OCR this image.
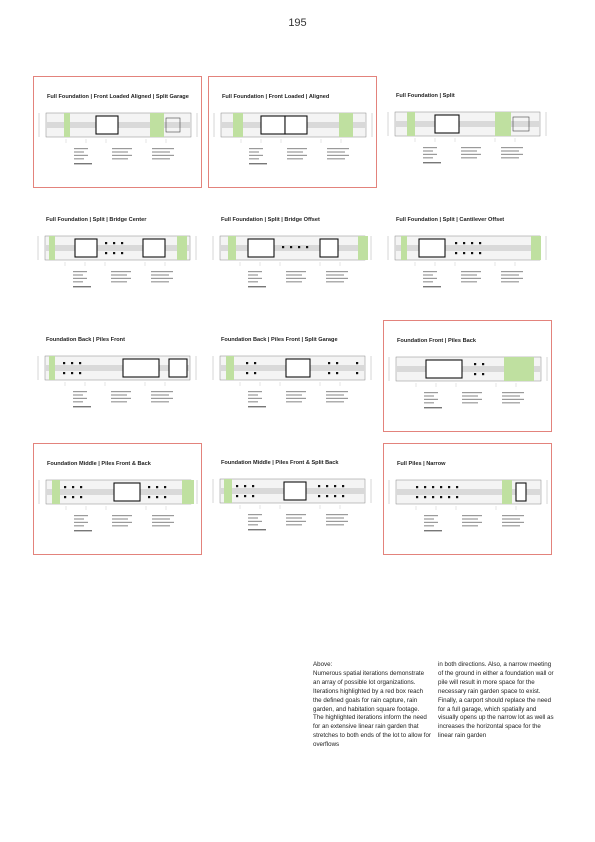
195
Full Foundation | Front Loaded Aligned | Split Garage	Full Foundation | Front Loaded | Aligned	Full Foundation | Split
Full Foundation | Split | Bridge Center	Full Foundation | Split | Bridge Offset	Full Foundation | Split | Cantilever Offset
Foundation Back | Piles Front	Foundation Back | Piles Front | Split Garage	Foundation Front | Piles Back
Foundation Middle | Piles Front & Back	Foundation Middle | Piles Front & Split Back	Full Piles | Narrow

Above:

Numerous spatial iterations demonstrate an array of possible lot organizations. Iterations highlighted by a red box reach the defined goals for rain capture, rain garden, and habitation square footage. The highlighted iterations inform the need for an extensive linear rain garden that stretches to both ends of the lot to allow for overflows

in both directions. Also, a narrow meeting of the ground in either a foundation wall or pile will result in more space for the necessary rain garden space to exist. Finally, a carport should replace the need for a full garage, which spatially and visually opens up the narrow lot as well as increases the horizontal space for the linear rain garden
